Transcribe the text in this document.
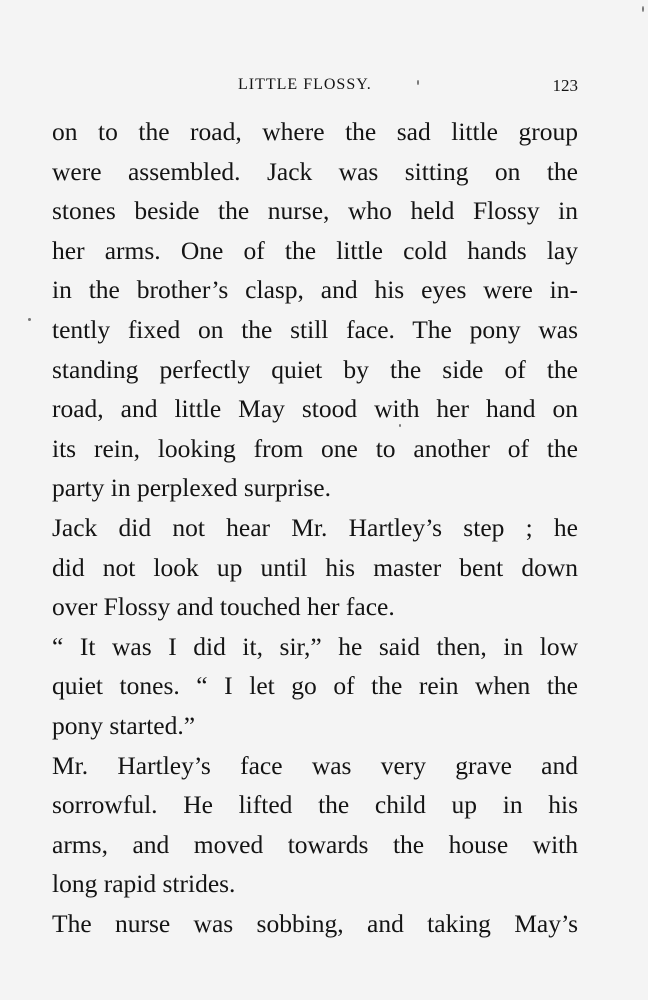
LITTLE FLOSSY.	123

on to the road, where the sad little group
were assembled. Jack was sitting on the
stones beside the nurse, who held Flossy in
her arms. One of the little cold hands lay
in the brother’s clasp, and his eyes were in-
tently fixed on the still face. The pony was
standing perfectly quiet by the side of the
road, and little May stood with her hand on
its rein, looking from one to another of the
party in perplexed surprise.

Jack did not hear Mr. Hartley’s step ; he
did not look up until his master bent down
over Flossy and touched her face.

“ It was I did it, sir,” he said then, in low
quiet tones. “ I let go of the rein when the
pony started.”

Mr. Hartley’s face was very grave and
sorrowful. He lifted the child up in his
arms, and moved towards the house with
long rapid strides.

The nurse was sobbing, and taking May’s
